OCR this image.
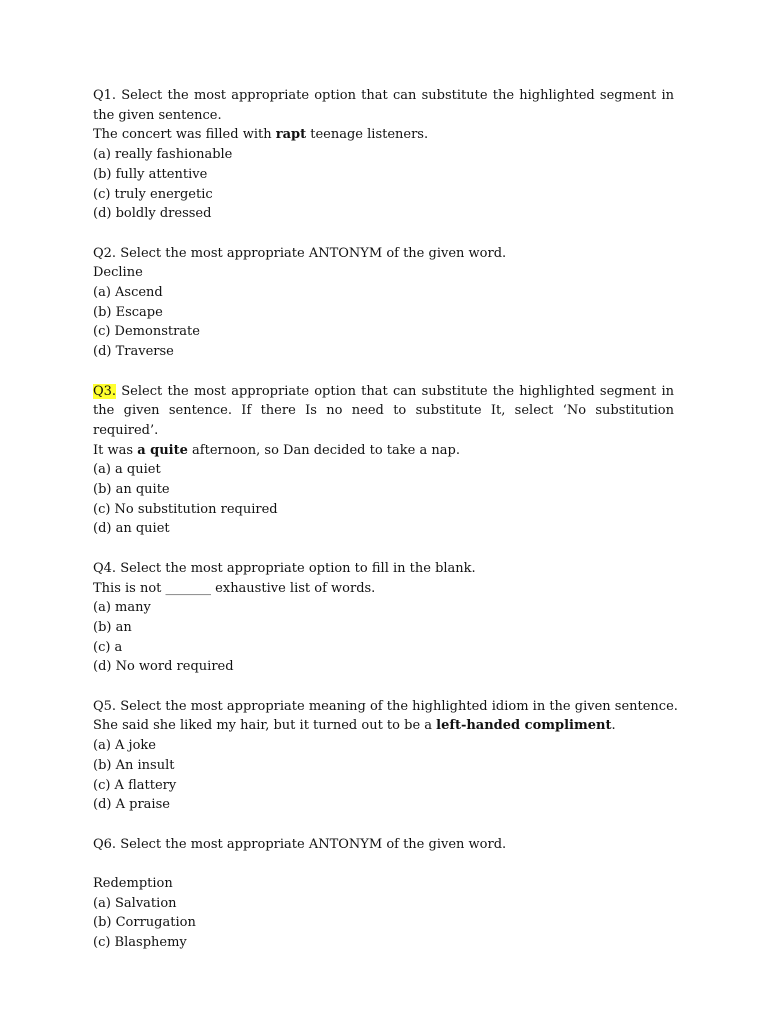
Q1. Select the most appropriate option that can substitute the highlighted segment in the given sentence.
The concert was filled with rapt teenage listeners.
(a) really fashionable
(b) fully attentive
(c) truly energetic
(d) boldly dressed
Q2. Select the most appropriate ANTONYM of the given word.
Decline
(a) Ascend
(b) Escape
(c) Demonstrate
(d) Traverse
Q3. Select the most appropriate option that can substitute the highlighted segment in the given sentence. If there Is no need to substitute It, select ‘No substitution required’.
It was a quite afternoon, so Dan decided to take a nap.
(a) a quiet
(b) an quite
(c) No substitution required
(d) an quiet
Q4. Select the most appropriate option to fill in the blank.
This is not _______ exhaustive list of words.
(a) many
(b) an
(c) a
(d) No word required
Q5. Select the most appropriate meaning of the highlighted idiom in the given sentence.
She said she liked my hair, but it turned out to be a left-handed compliment.
(a) A joke
(b) An insult
(c) A flattery
(d) A praise
Q6. Select the most appropriate ANTONYM of the given word.
Redemption
(a) Salvation
(b) Corrugation
(c) Blasphemy
